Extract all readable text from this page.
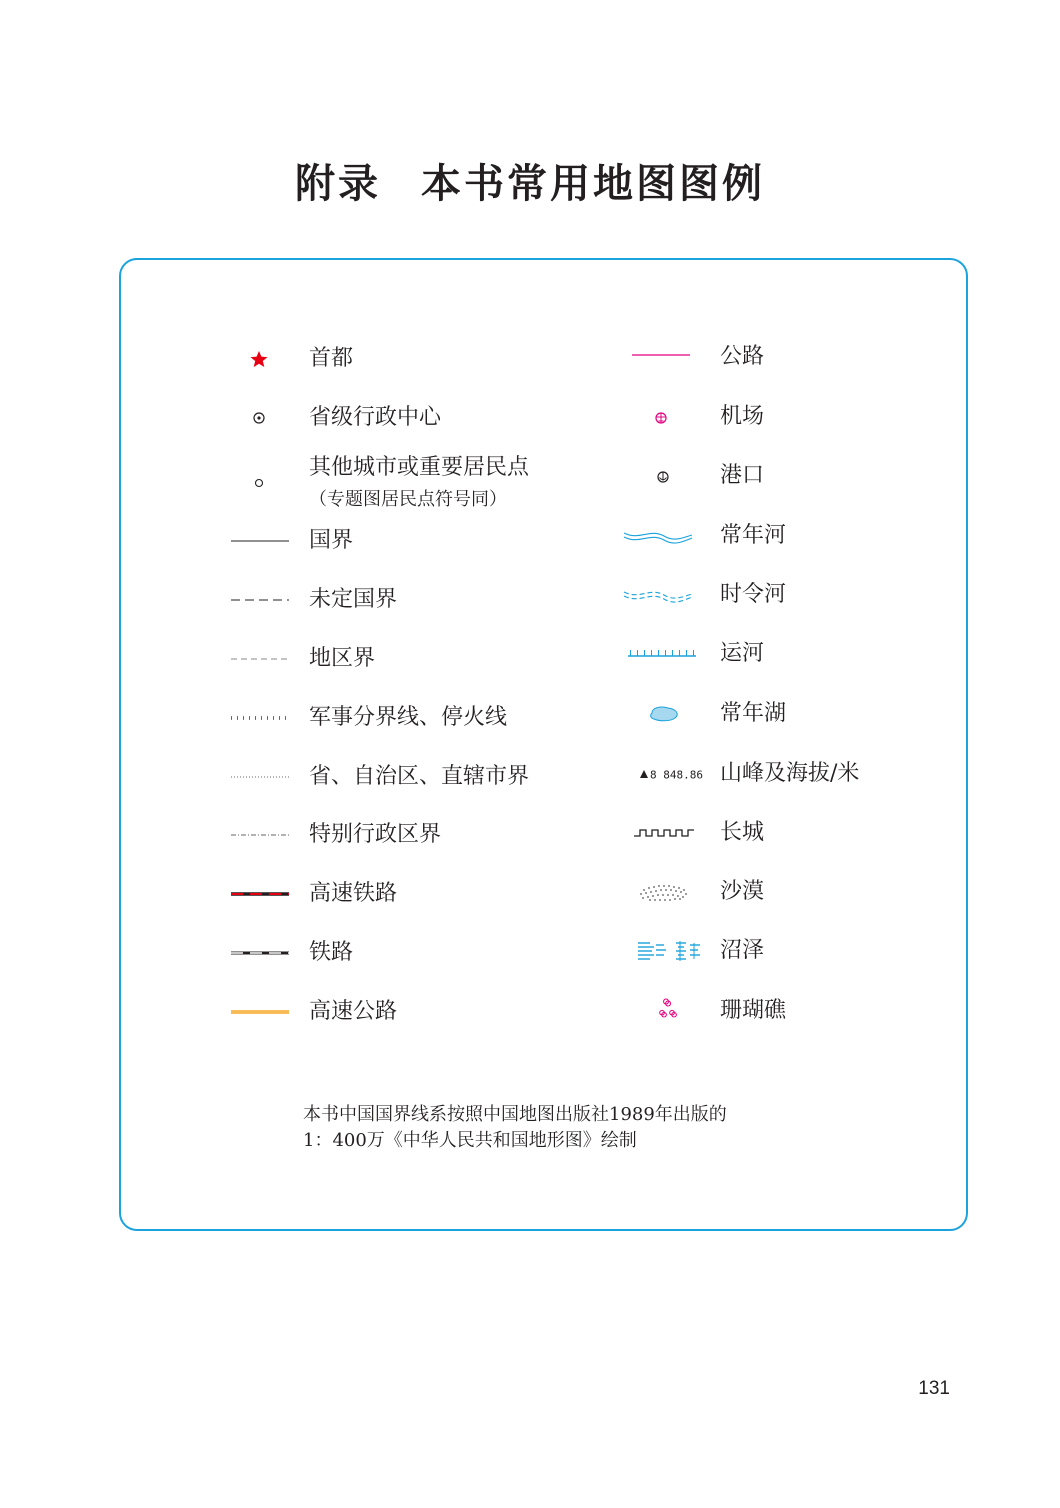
附录 本书常用地图图例
首都
省级行政中心
其他城市或重要居民点
（专题图居民点符号同）
国界
未定国界
地区界
军事分界线、停火线
省、自治区、直辖市界
特别行政区界
高速铁路
铁路
高速公路
公路
机场
港口
常年河
时令河
运河
常年湖
8 848.86 山峰及海拔/米
长城
沙漠
沼泽
珊瑚礁
本书中国国界线系按照中国地图出版社1989年出版的
1：400万《中华人民共和国地形图》绘制
131
